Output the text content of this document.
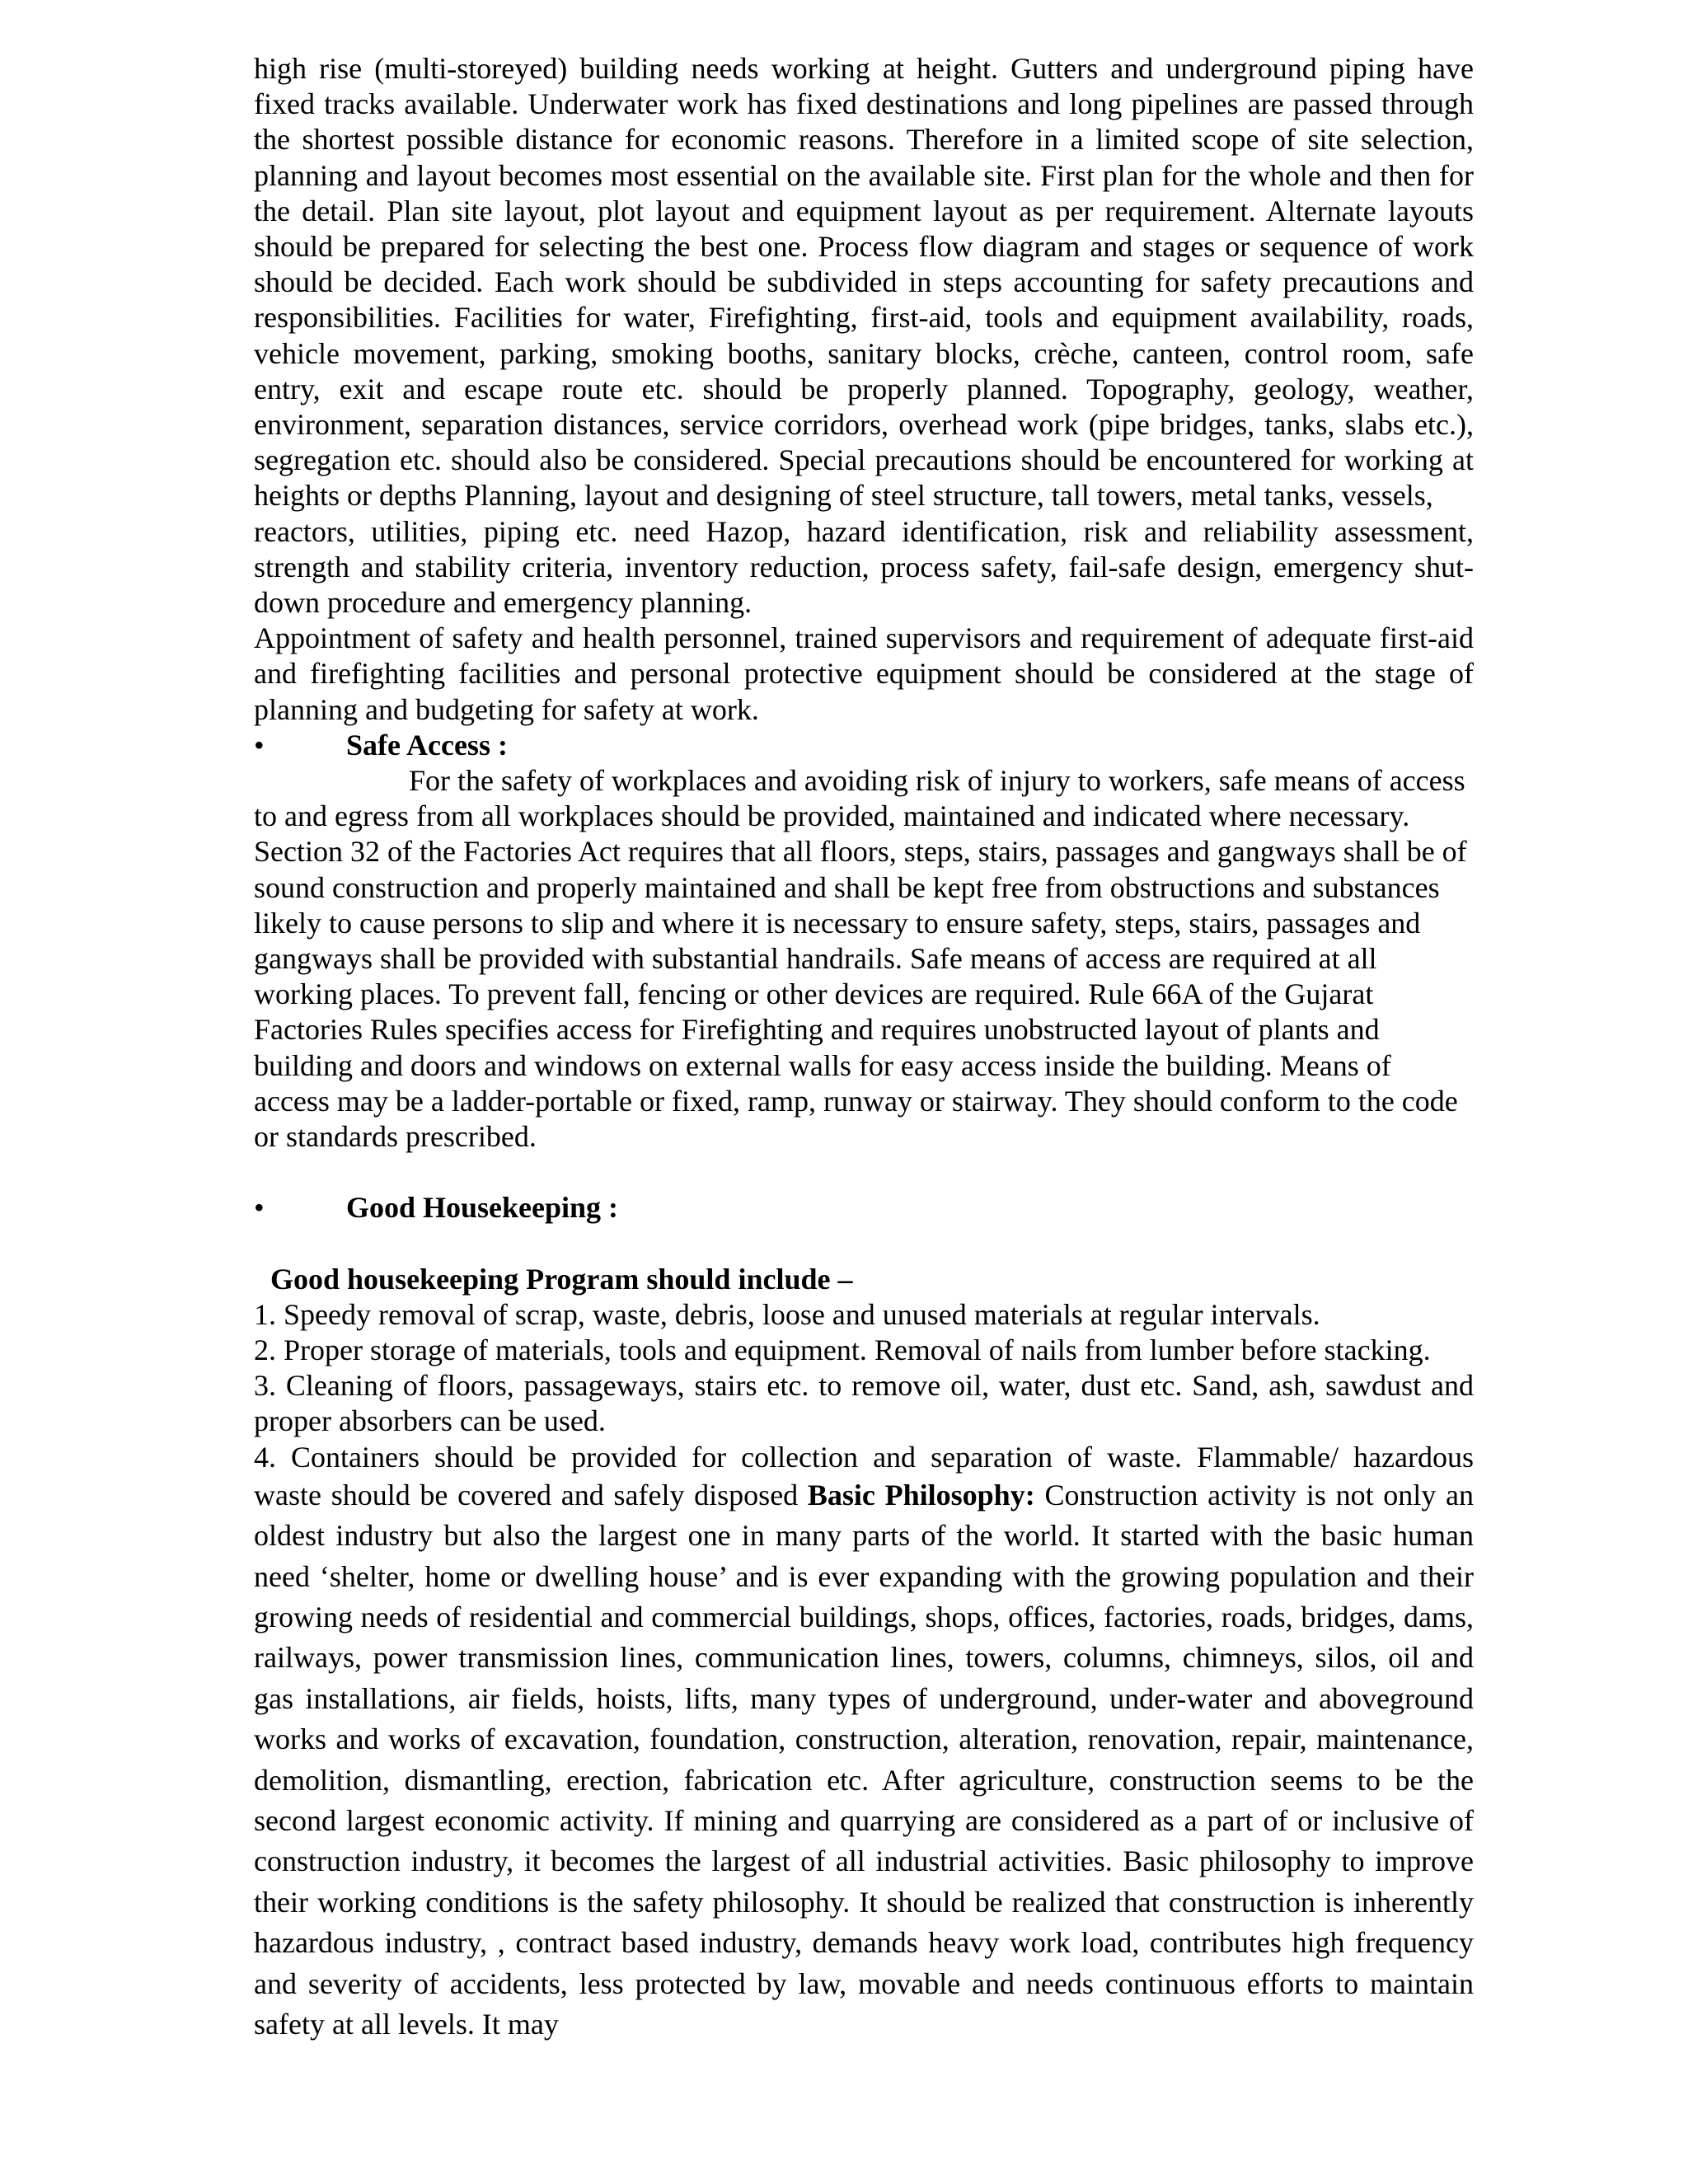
high rise (multi-storeyed) building needs working at height. Gutters and underground piping have fixed tracks available. Underwater work has fixed destinations and long pipelines are passed through the shortest possible distance for economic reasons. Therefore in a limited scope of site selection, planning and layout becomes most essential on the available site. First plan for the whole and then for the detail. Plan site layout, plot layout and equipment layout as per requirement. Alternate layouts should be prepared for selecting the best one. Process flow diagram and stages or sequence of work should be decided. Each work should be subdivided in steps accounting for safety precautions and responsibilities. Facilities for water, Firefighting, first-aid, tools and equipment availability, roads, vehicle movement, parking, smoking booths, sanitary blocks, crèche, canteen, control room, safe entry, exit and escape route etc. should be properly planned. Topography, geology, weather, environment, separation distances, service corridors, overhead work (pipe bridges, tanks, slabs etc.), segregation etc. should also be considered. Special precautions should be encountered for working at heights or depths Planning, layout and designing of steel structure, tall towers, metal tanks, vessels,

reactors, utilities, piping etc. need Hazop, hazard identification, risk and reliability assessment, strength and stability criteria, inventory reduction, process safety, fail-safe design, emergency shut-down procedure and emergency planning.

Appointment of safety and health personnel, trained supervisors and requirement of adequate first-aid and firefighting facilities and personal protective equipment should be considered at the stage of planning and budgeting for safety at work.

•	Safe Access :

For the safety of workplaces and avoiding risk of injury to workers, safe means of access to and egress from all workplaces should be provided, maintained and indicated where necessary. Section 32 of the Factories Act requires that all floors, steps, stairs, passages and gangways shall be of sound construction and properly maintained and shall be kept free from obstructions and substances likely to cause persons to slip and where it is necessary to ensure safety, steps, stairs, passages and gangways shall be provided with substantial handrails. Safe means of access are required at all working places. To prevent fall, fencing or other devices are required. Rule 66A of the Gujarat Factories Rules specifies access for Firefighting and requires unobstructed layout of plants and building and doors and windows on external walls for easy access inside the building. Means of access may be a ladder-portable or fixed, ramp, runway or stairway. They should conform to the code or standards prescribed.

•	Good Housekeeping :

Good housekeeping Program should include –

1. Speedy removal of scrap, waste, debris, loose and unused materials at regular intervals.

2. Proper storage of materials, tools and equipment. Removal of nails from lumber before stacking.

3. Cleaning of floors, passageways, stairs etc. to remove oil, water, dust etc. Sand, ash, sawdust and proper absorbers can be used.

4. Containers should be provided for collection and separation of waste. Flammable/ hazardous

waste should be covered and safely disposed Basic Philosophy: Construction activity is not only an oldest industry but also the largest one in many parts of the world. It started with the basic human need ‘shelter, home or dwelling house’ and is ever expanding with the growing population and their growing needs of residential and commercial buildings, shops, offices, factories, roads, bridges, dams, railways, power transmission lines, communication lines, towers, columns, chimneys, silos, oil and gas installations, air fields, hoists, lifts, many types of underground, under-water and aboveground works and works of excavation, foundation, construction, alteration, renovation, repair, maintenance, demolition, dismantling, erection, fabrication etc. After agriculture, construction seems to be the second largest economic activity. If mining and quarrying are considered as a part of or inclusive of construction industry, it becomes the largest of all industrial activities. Basic philosophy to improve their working conditions is the safety philosophy. It should be realized that construction is inherently hazardous industry, , contract based industry, demands heavy work load, contributes high frequency and severity of accidents, less protected by law, movable and needs continuous efforts to maintain safety at all levels. It may
